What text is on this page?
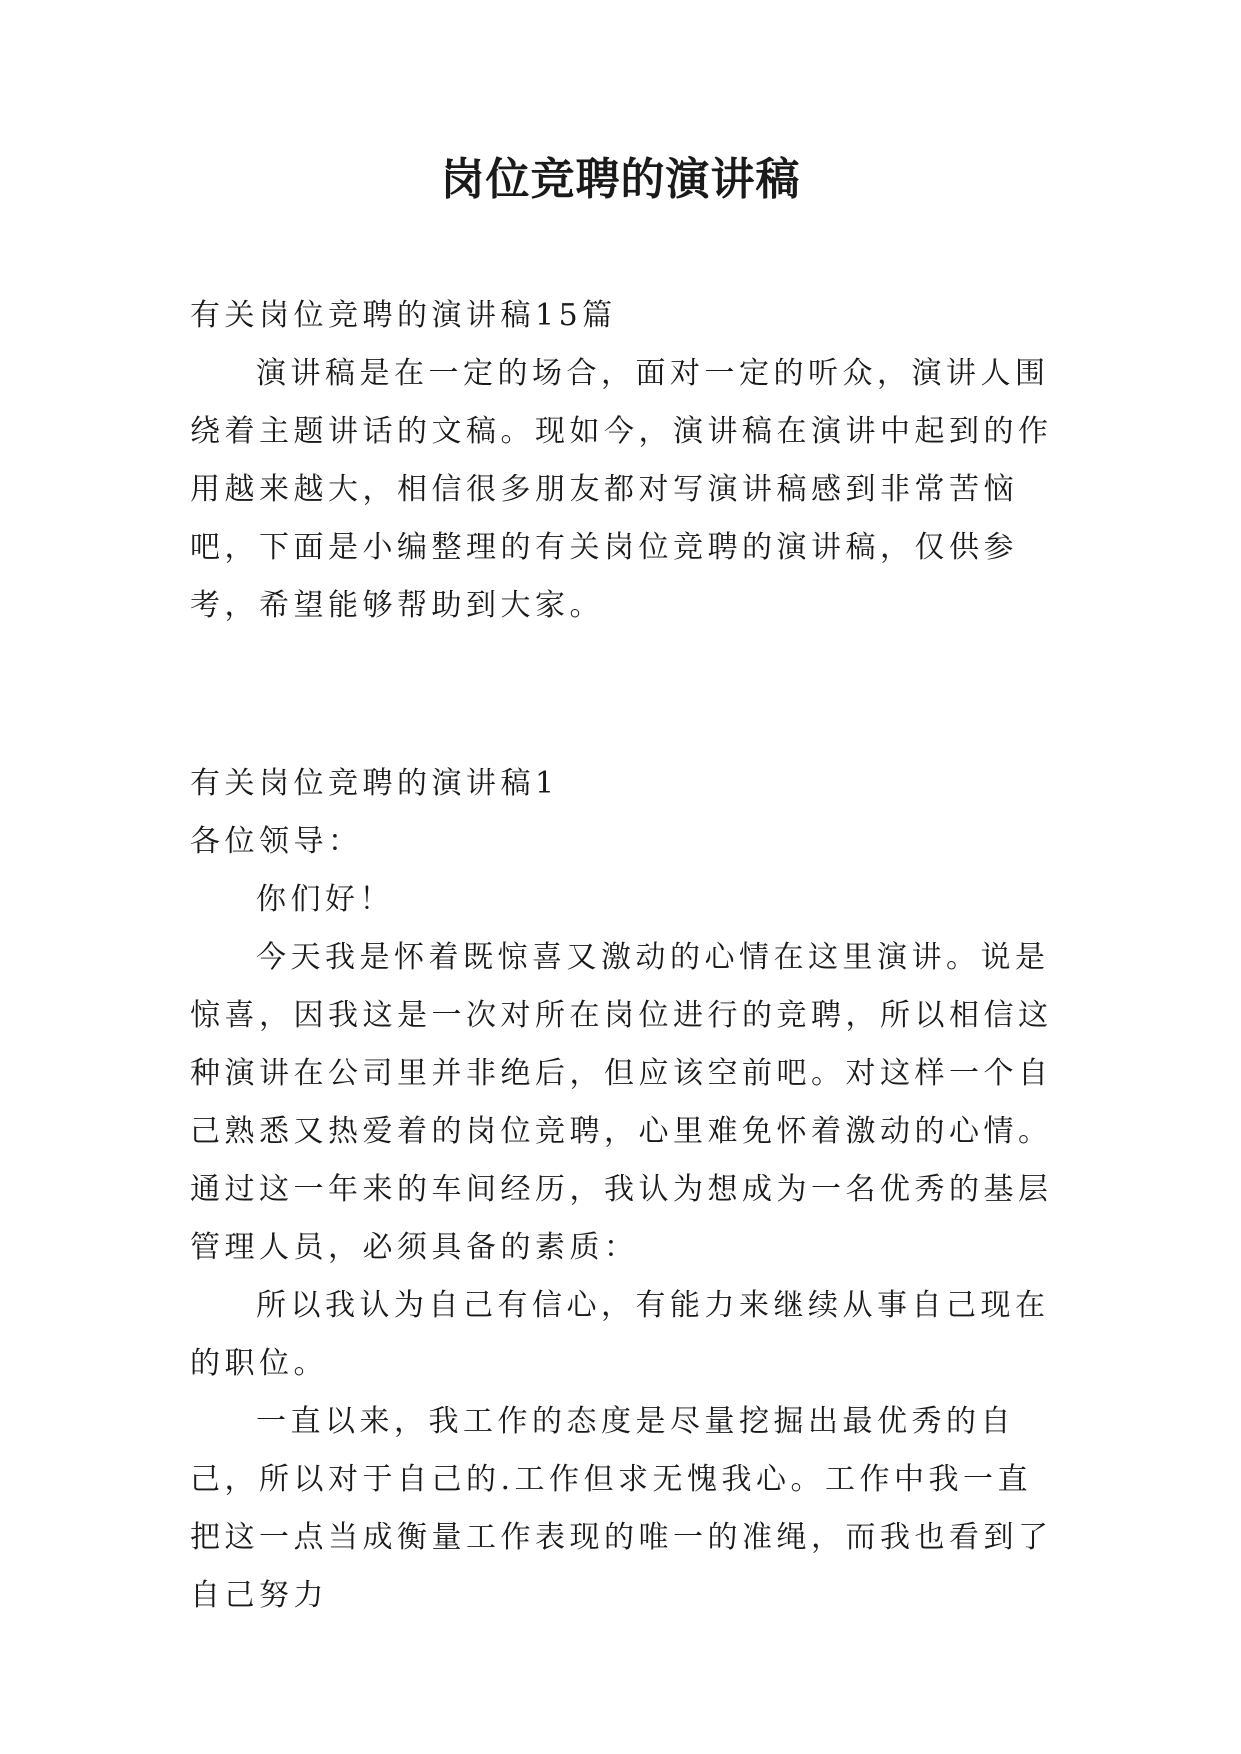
岗位竞聘的演讲稿

有关岗位竞聘的演讲稿15篇

演讲稿是在一定的场合，面对一定的听众，演讲人围绕着主题讲话的文稿。现如今，演讲稿在演讲中起到的作用越来越大，相信很多朋友都对写演讲稿感到非常苦恼吧，下面是小编整理的有关岗位竞聘的演讲稿，仅供参考，希望能够帮助到大家。

有关岗位竞聘的演讲稿1

各位领导：

你们好！

今天我是怀着既惊喜又激动的心情在这里演讲。说是惊喜，因我这是一次对所在岗位进行的竞聘，所以相信这种演讲在公司里并非绝后，但应该空前吧。对这样一个自己熟悉又热爱着的岗位竞聘，心里难免怀着激动的心情。通过这一年来的车间经历，我认为想成为一名优秀的基层管理人员，必须具备的素质：

所以我认为自己有信心，有能力来继续从事自己现在的职位。

一直以来，我工作的态度是尽量挖掘出最优秀的自己，所以对于自己的.工作但求无愧我心。工作中我一直把这一点当成衡量工作表现的唯一的准绳，而我也看到了自己努力
